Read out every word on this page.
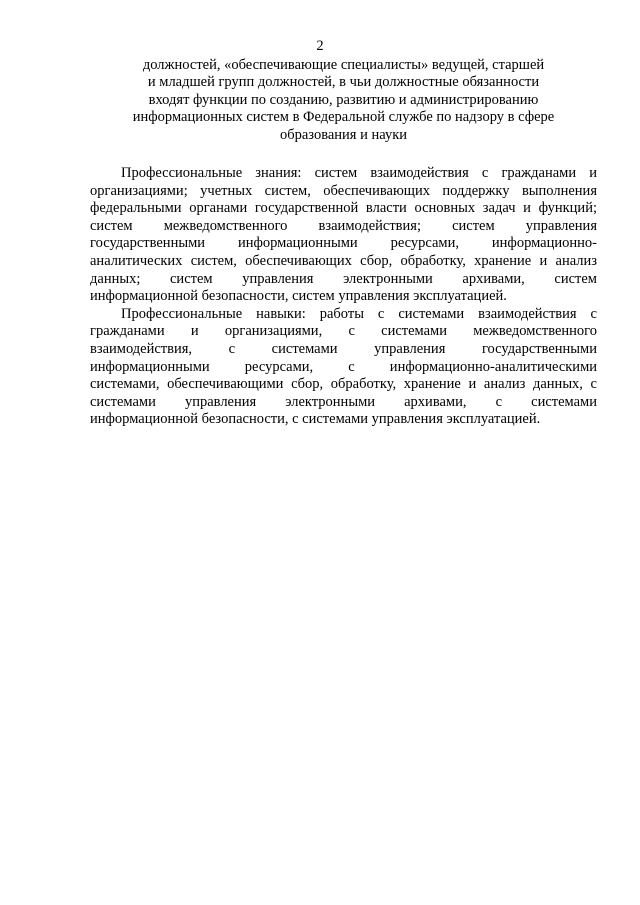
2
должностей, «обеспечивающие специалисты» ведущей, старшей
и младшей групп должностей, в чьи должностные обязанности
входят функции по созданию, развитию и администрированию
информационных систем в Федеральной службе по надзору в сфере
образования и науки

Профессиональные знания: систем взаимодействия с гражданами и
организациями; учетных систем, обеспечивающих поддержку выполнения
федеральными органами государственной власти основных задач и функций;
систем межведомственного взаимодействия; систем управления
государственными информационными ресурсами, информационно-
аналитических систем, обеспечивающих сбор, обработку, хранение и анализ
данных; систем управления электронными архивами, систем
информационной безопасности, систем управления эксплуатацией.

Профессиональные навыки: работы с системами взаимодействия с
гражданами и организациями, с системами межведомственного
взаимодействия, с системами управления государственными
информационными ресурсами, с информационно-аналитическими
системами, обеспечивающими сбор, обработку, хранение и анализ данных, с
системами управления электронными архивами, с системами
информационной безопасности, с системами управления эксплуатацией.
